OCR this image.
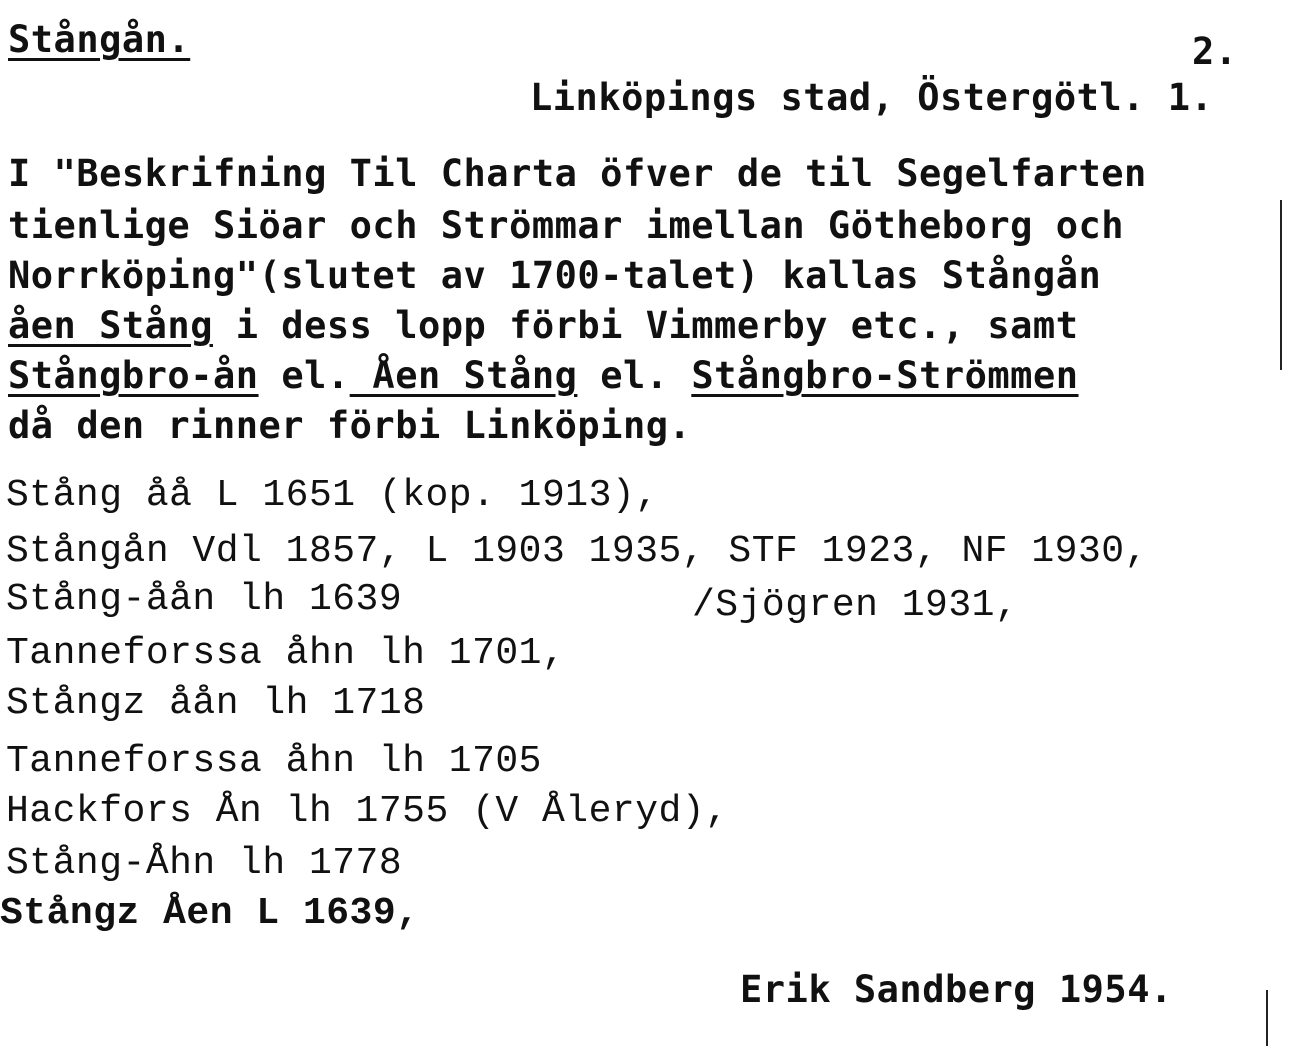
Stångån.	2.
Linköpings stad, Östergötl. 1.
I "Beskrifning Til Charta öfver de til Segelfarten
tienlige Siöar och Strömmar imellan Götheborg och
Norrköping"(slutet av 1700-talet) kallas Stångån
åen Stång i dess lopp förbi Vimmerby etc., samt
Stångbro-ån el. Åen Stång el. Stångbro-Strömmen
då den rinner förbi Linköping.
Stång åå L 1651 (kop. 1913),
Stångån Vdl 1857, L 1903 1935, STF 1923, NF 1930,
Stång-åån lh 1639	/Sjögren 1931,
Tanneforssa åhn lh 1701,
Stångz åån lh 1718
Tanneforssa åhn lh 1705
Hackfors Ån lh 1755 (V Åleryd),
Stång-Åhn lh 1778
Stångz Åen L 1639,
Erik Sandberg 1954.
